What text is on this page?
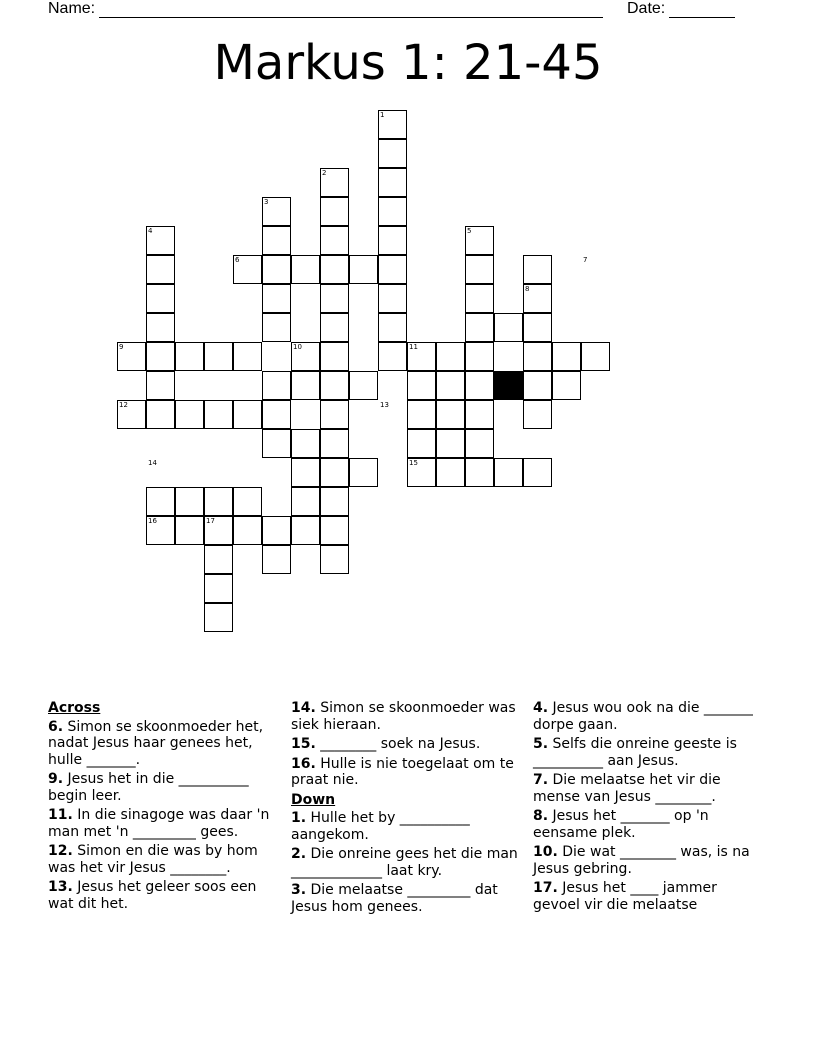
Name:	Date:
Markus 1: 21-45
1
2
3
4	5
6	7
8
9	10	11
12	13
14	15
16	17
Across
6. Simon se skoonmoeder het, nadat Jesus haar genees het, hulle _______.
9. Jesus het in die __________ begin leer.
11. In die sinagoge was daar 'n man met 'n _________ gees.
12. Simon en die was by hom was het vir Jesus ________.
13. Jesus het geleer soos een wat dit het.
14. Simon se skoonmoeder was siek hieraan.
15. ________ soek na Jesus.
16. Hulle is nie toegelaat om te praat nie.
Down
1. Hulle het by __________ aangekom.
2. Die onreine gees het die man _____________ laat kry.
3. Die melaatse _________ dat Jesus hom genees.
4. Jesus wou ook na die _______ dorpe gaan.
5. Selfs die onreine geeste is __________ aan Jesus.
7. Die melaatse het vir die mense van Jesus ________.
8. Jesus het _______ op 'n eensame plek.
10. Die wat ________ was, is na Jesus gebring.
17. Jesus het ____ jammer gevoel vir die melaatse
